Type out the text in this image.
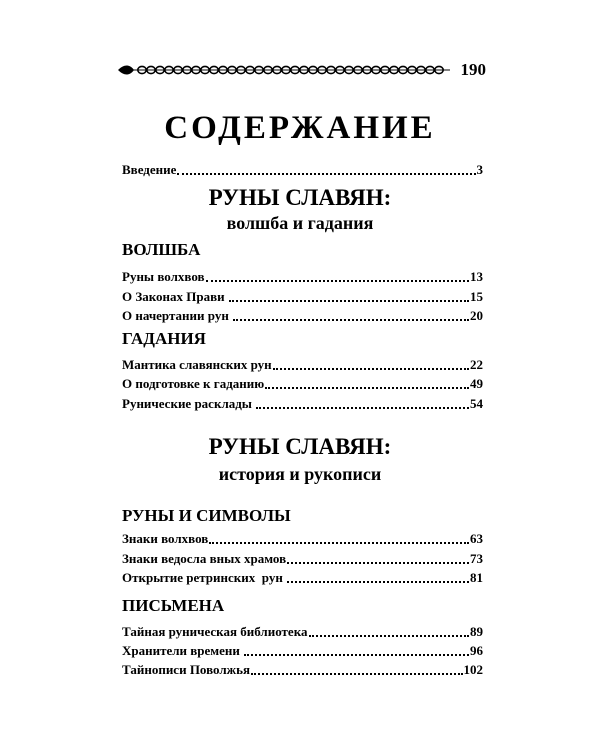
190
СОДЕРЖАНИЕ
Введение	3
РУНЫ СЛАВЯН:
волшба и гадания
ВОЛШБА
Руны волхвов	13
О Законах Прави	15
О начертании рун	20
ГАДАНИЯ
Мантика славянских рун	22
О подготовке к гаданию	49
Рунические расклады	54
РУНЫ СЛАВЯН:
история и рукописи
РУНЫ И СИМВОЛЫ
Знаки волхвов	63
Знаки ведосла вных храмов	73
Открытие ретринских  рун	81
ПИСЬМЕНА
Тайная руническая библиотека	89
Хранители времени	96
Тайнописи Поволжья	102
